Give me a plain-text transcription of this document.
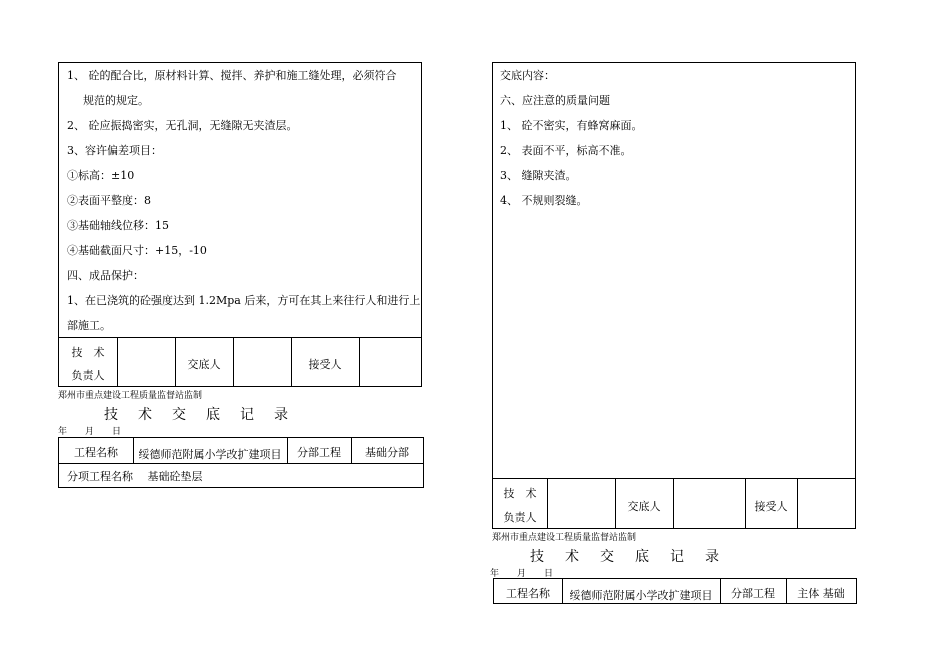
1、 砼的配合比，原材料计算、搅拌、养护和施工缝处理，必须符合
规范的规定。
2、 砼应振捣密实，无孔洞，无缝隙无夹渣层。
3、容许偏差项目：
①标高：±10
②表面平整度：8
③基础轴线位移：15
④基础截面尺寸：+15，-10
四、成品保护：
1、在已浇筑的砼强度达到 1.2Mpa 后来，方可在其上来往行人和进行上
部施工。
技　术
负责人
交底人	接受人
郑州市重点建设工程质量监督站监制
技 术 交 底 记 录
年　　月　　日
工程名称	绥德师范附属小学改扩建项目	分部工程	基础分部
分项工程名称　 基础砼垫层
交底内容：
六、应注意的质量问题
1、 砼不密实，有蜂窝麻面。
2、 表面不平，标高不准。
3、 缝隙夹渣。
4、 不规则裂缝。
技　术
负责人
交底人	接受人
郑州市重点建设工程质量监督站监制
技 术 交 底 记 录
年　　月　　日
工程名称	绥德师范附属小学改扩建项目	分部工程	主体 基础
